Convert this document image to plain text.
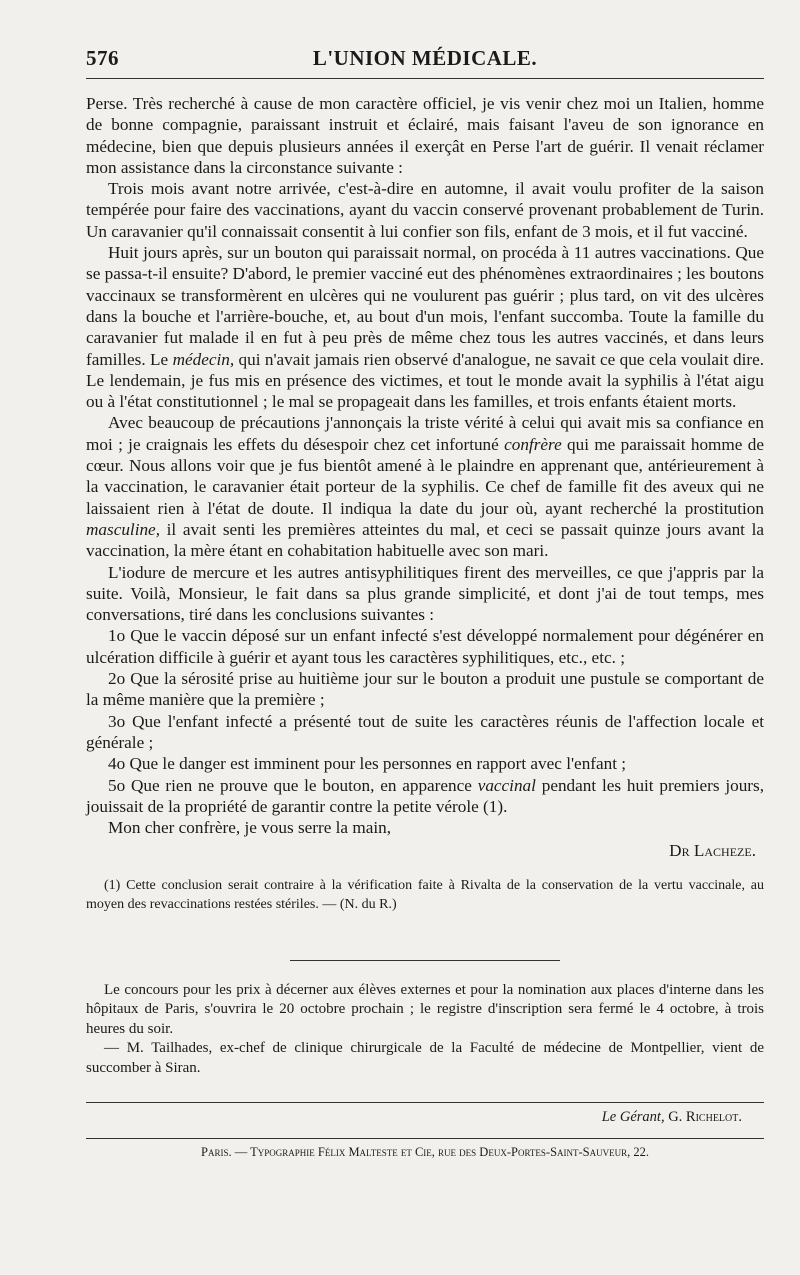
576	L'UNION MÉDICALE.

Perse. Très recherché à cause de mon caractère officiel, je vis venir chez moi un Italien, homme de bonne compagnie, paraissant instruit et éclairé, mais faisant l'aveu de son ignorance en médecine, bien que depuis plusieurs années il exerçât en Perse l'art de guérir. Il venait réclamer mon assistance dans la circonstance suivante :

Trois mois avant notre arrivée, c'est-à-dire en automne, il avait voulu profiter de la saison tempérée pour faire des vaccinations, ayant du vaccin conservé provenant probablement de Turin. Un caravanier qu'il connaissait consentit à lui confier son fils, enfant de 3 mois, et il fut vacciné.

Huit jours après, sur un bouton qui paraissait normal, on procéda à 11 autres vaccinations. Que se passa-t-il ensuite? D'abord, le premier vacciné eut des phénomènes extraordinaires ; les boutons vaccinaux se transformèrent en ulcères qui ne voulurent pas guérir ; plus tard, on vit des ulcères dans la bouche et l'arrière-bouche, et, au bout d'un mois, l'enfant succomba. Toute la famille du caravanier fut malade il en fut à peu près de même chez tous les autres vaccinés, et dans leurs familles. Le médecin, qui n'avait jamais rien observé d'analogue, ne savait ce que cela voulait dire. Le lendemain, je fus mis en présence des victimes, et tout le monde avait la syphilis à l'état aigu ou à l'état constitutionnel ; le mal se propageait dans les familles, et trois enfants étaient morts.

Avec beaucoup de précautions j'annonçais la triste vérité à celui qui avait mis sa confiance en moi ; je craignais les effets du désespoir chez cet infortuné confrère qui me paraissait homme de cœur. Nous allons voir que je fus bientôt amené à le plaindre en apprenant que, antérieurement à la vaccination, le caravanier était porteur de la syphilis. Ce chef de famille fit des aveux qui ne laissaient rien à l'état de doute. Il indiqua la date du jour où, ayant recherché la prostitution masculine, il avait senti les premières atteintes du mal, et ceci se passait quinze jours avant la vaccination, la mère étant en cohabitation habituelle avec son mari.

L'iodure de mercure et les autres antisyphilitiques firent des merveilles, ce que j'appris par la suite. Voilà, Monsieur, le fait dans sa plus grande simplicité, et dont j'ai de tout temps, mes conversations, tiré dans les conclusions suivantes :

1o Que le vaccin déposé sur un enfant infecté s'est développé normalement pour dégénérer en ulcération difficile à guérir et ayant tous les caractères syphilitiques, etc., etc. ;

2o Que la sérosité prise au huitième jour sur le bouton a produit une pustule se comportant de la même manière que la première ;

3o Que l'enfant infecté a présenté tout de suite les caractères réunis de l'affection locale et générale ;

4o Que le danger est imminent pour les personnes en rapport avec l'enfant ;

5o Que rien ne prouve que le bouton, en apparence vaccinal pendant les huit premiers jours, jouissait de la propriété de garantir contre la petite vérole (1).

Mon cher confrère, je vous serre la main,

Dr Lacheze.
(1) Cette conclusion serait contraire à la vérification faite à Rivalta de la conservation de la vertu vaccinale, au moyen des revaccinations restées stériles. — (N. du R.)

Le concours pour les prix à décerner aux élèves externes et pour la nomination aux places d'interne dans les hôpitaux de Paris, s'ouvrira le 20 octobre prochain ; le registre d'inscription sera fermé le 4 octobre, à trois heures du soir.

— M. Tailhades, ex-chef de clinique chirurgicale de la Faculté de médecine de Montpellier, vient de succomber à Siran.

Le Gérant, G. Richelot.
Paris. — Typographie Félix Malteste et Cie, rue des Deux-Portes-Saint-Sauveur, 22.
